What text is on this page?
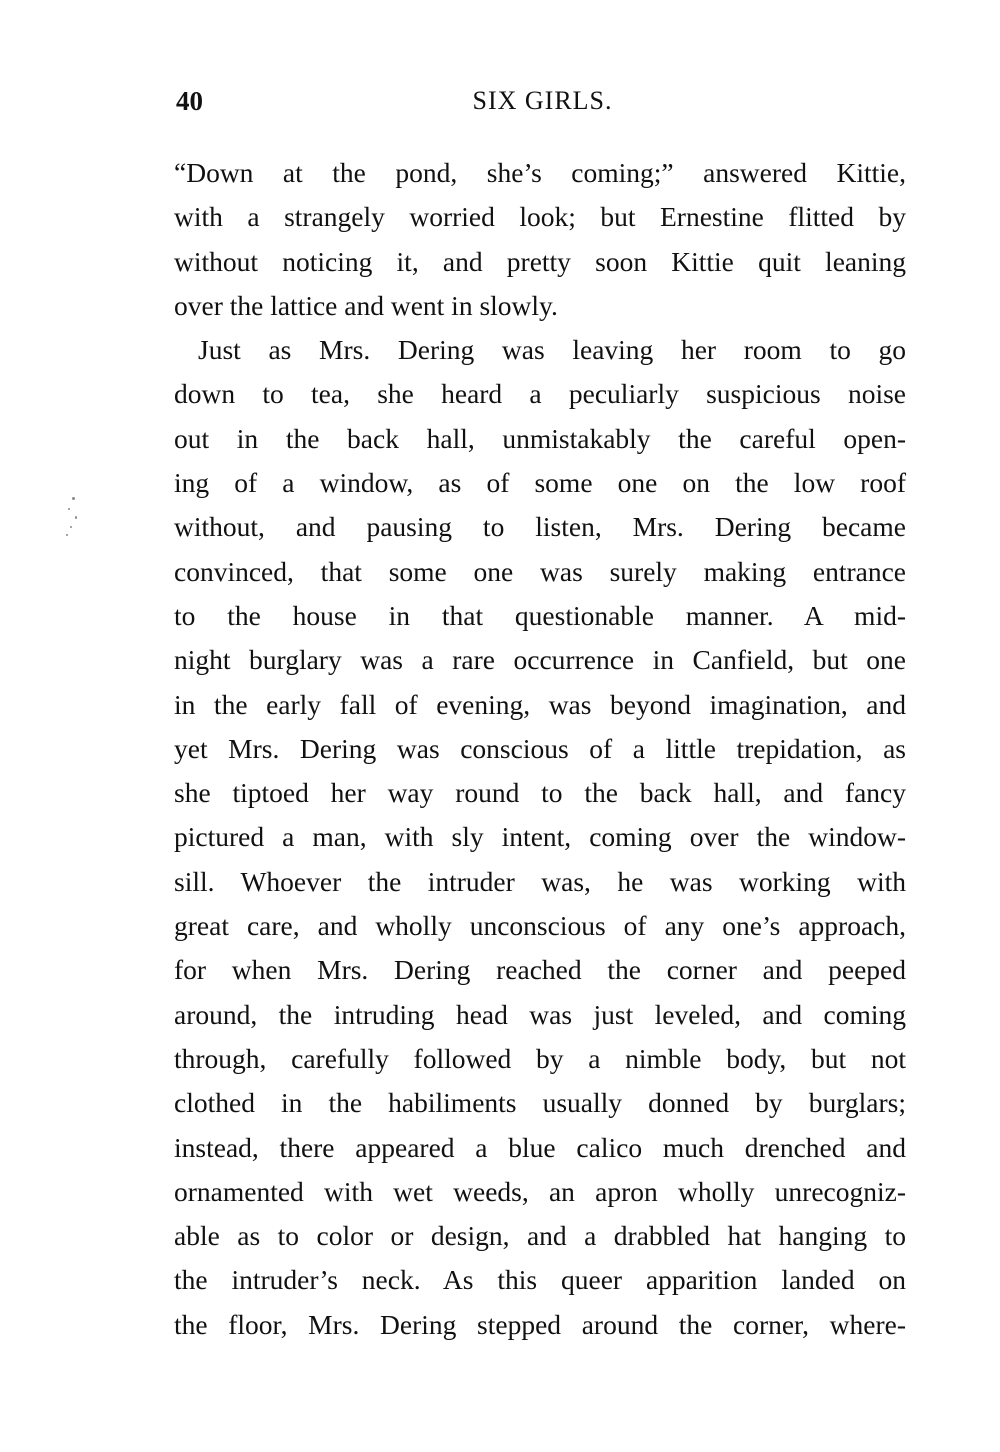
40	SIX GIRLS.
“Down at the pond, she’s coming;” answered Kittie,
with a strangely worried look; but Ernestine flitted by
without noticing it, and pretty soon Kittie quit leaning
over the lattice and went in slowly.
Just as Mrs. Dering was leaving her room to go
down to tea, she heard a peculiarly suspicious noise
out in the back hall, unmistakably the careful open-
ing of a window, as of some one on the low roof
without, and pausing to listen, Mrs. Dering became
convinced, that some one was surely making entrance
to the house in that questionable manner. A mid-
night burglary was a rare occurrence in Canfield, but one
in the early fall of evening, was beyond imagination, and
yet Mrs. Dering was conscious of a little trepidation, as
she tiptoed her way round to the back hall, and fancy
pictured a man, with sly intent, coming over the window-
sill. Whoever the intruder was, he was working with
great care, and wholly unconscious of any one’s approach,
for when Mrs. Dering reached the corner and peeped
around, the intruding head was just leveled, and coming
through, carefully followed by a nimble body, but not
clothed in the habiliments usually donned by burglars;
instead, there appeared a blue calico much drenched and
ornamented with wet weeds, an apron wholly unrecogniz-
able as to color or design, and a drabbled hat hanging to
the intruder’s neck. As this queer apparition landed on
the floor, Mrs. Dering stepped around the corner, where-
